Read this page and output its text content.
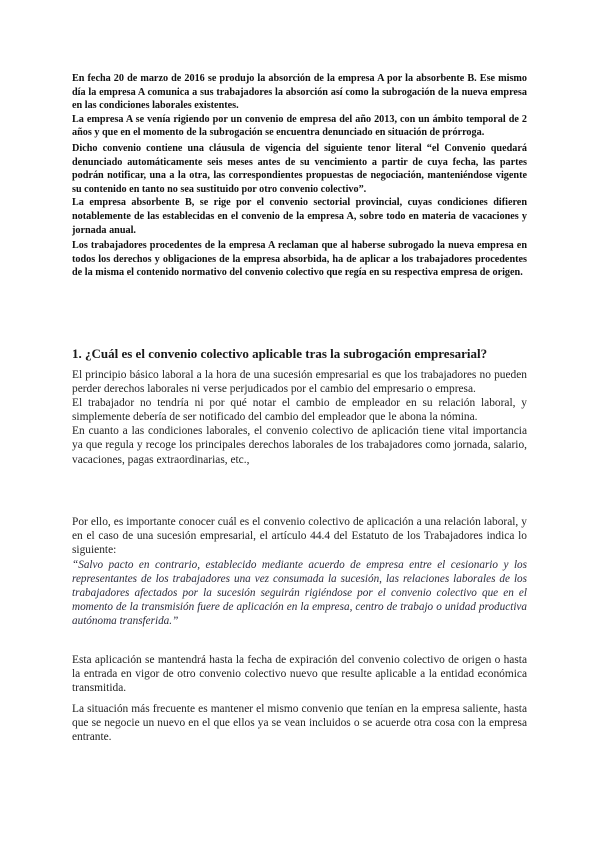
En fecha 20 de marzo de 2016 se produjo la absorción de la empresa A por la absorbente B. Ese mismo día la empresa A comunica a sus trabajadores la absorción así como la subrogación de la nueva empresa en las condiciones laborales existentes.

La empresa A se venía rigiendo por un convenio de empresa del año 2013, con un ámbito temporal de 2 años y que en el momento de la subrogación se encuentra denunciado en situación de prórroga.

Dicho convenio contiene una cláusula de vigencia del siguiente tenor literal “el Convenio quedará denunciado automáticamente seis meses antes de su vencimiento a partir de cuya fecha, las partes podrán notificar, una a la otra, las correspondientes propuestas de negociación, manteniéndose vigente su contenido en tanto no sea sustituido por otro convenio colectivo”.

La empresa absorbente B, se rige por el convenio sectorial provincial, cuyas condiciones difieren notablemente de las establecidas en el convenio de la empresa A, sobre todo en materia de vacaciones y jornada anual.

Los trabajadores procedentes de la empresa A reclaman que al haberse subrogado la nueva empresa en todos los derechos y obligaciones de la empresa absorbida, ha de aplicar a los trabajadores procedentes de la misma el contenido normativo del convenio colectivo que regía en su respectiva empresa de origen.

1. ¿Cuál es el convenio colectivo aplicable tras la subrogación empresarial?

El principio básico laboral a la hora de una sucesión empresarial es que los trabajadores no pueden perder derechos laborales ni verse perjudicados por el cambio del empresario o empresa.

El trabajador no tendría ni por qué notar el cambio de empleador en su relación laboral, y simplemente debería de ser notificado del cambio del empleador que le abona la nómina.

En cuanto a las condiciones laborales, el convenio colectivo de aplicación tiene vital importancia ya que regula y recoge los principales derechos laborales de los trabajadores como jornada, salario, vacaciones, pagas extraordinarias, etc.,

Por ello, es importante conocer cuál es el convenio colectivo de aplicación a una relación laboral, y en el caso de una sucesión empresarial, el artículo 44.4 del Estatuto de los Trabajadores indica lo siguiente:

“Salvo pacto en contrario, establecido mediante acuerdo de empresa entre el cesionario y los representantes de los trabajadores una vez consumada la sucesión, las relaciones laborales de los trabajadores afectados por la sucesión seguirán rigiéndose por el convenio colectivo que en el momento de la transmisión fuere de aplicación en la empresa, centro de trabajo o unidad productiva autónoma transferida.”

Esta aplicación se mantendrá hasta la fecha de expiración del convenio colectivo de origen o hasta la entrada en vigor de otro convenio colectivo nuevo que resulte aplicable a la entidad económica transmitida.

La situación más frecuente es mantener el mismo convenio que tenían en la empresa saliente, hasta que se negocie un nuevo en el que ellos ya se vean incluidos o se acuerde otra cosa con la empresa entrante.
